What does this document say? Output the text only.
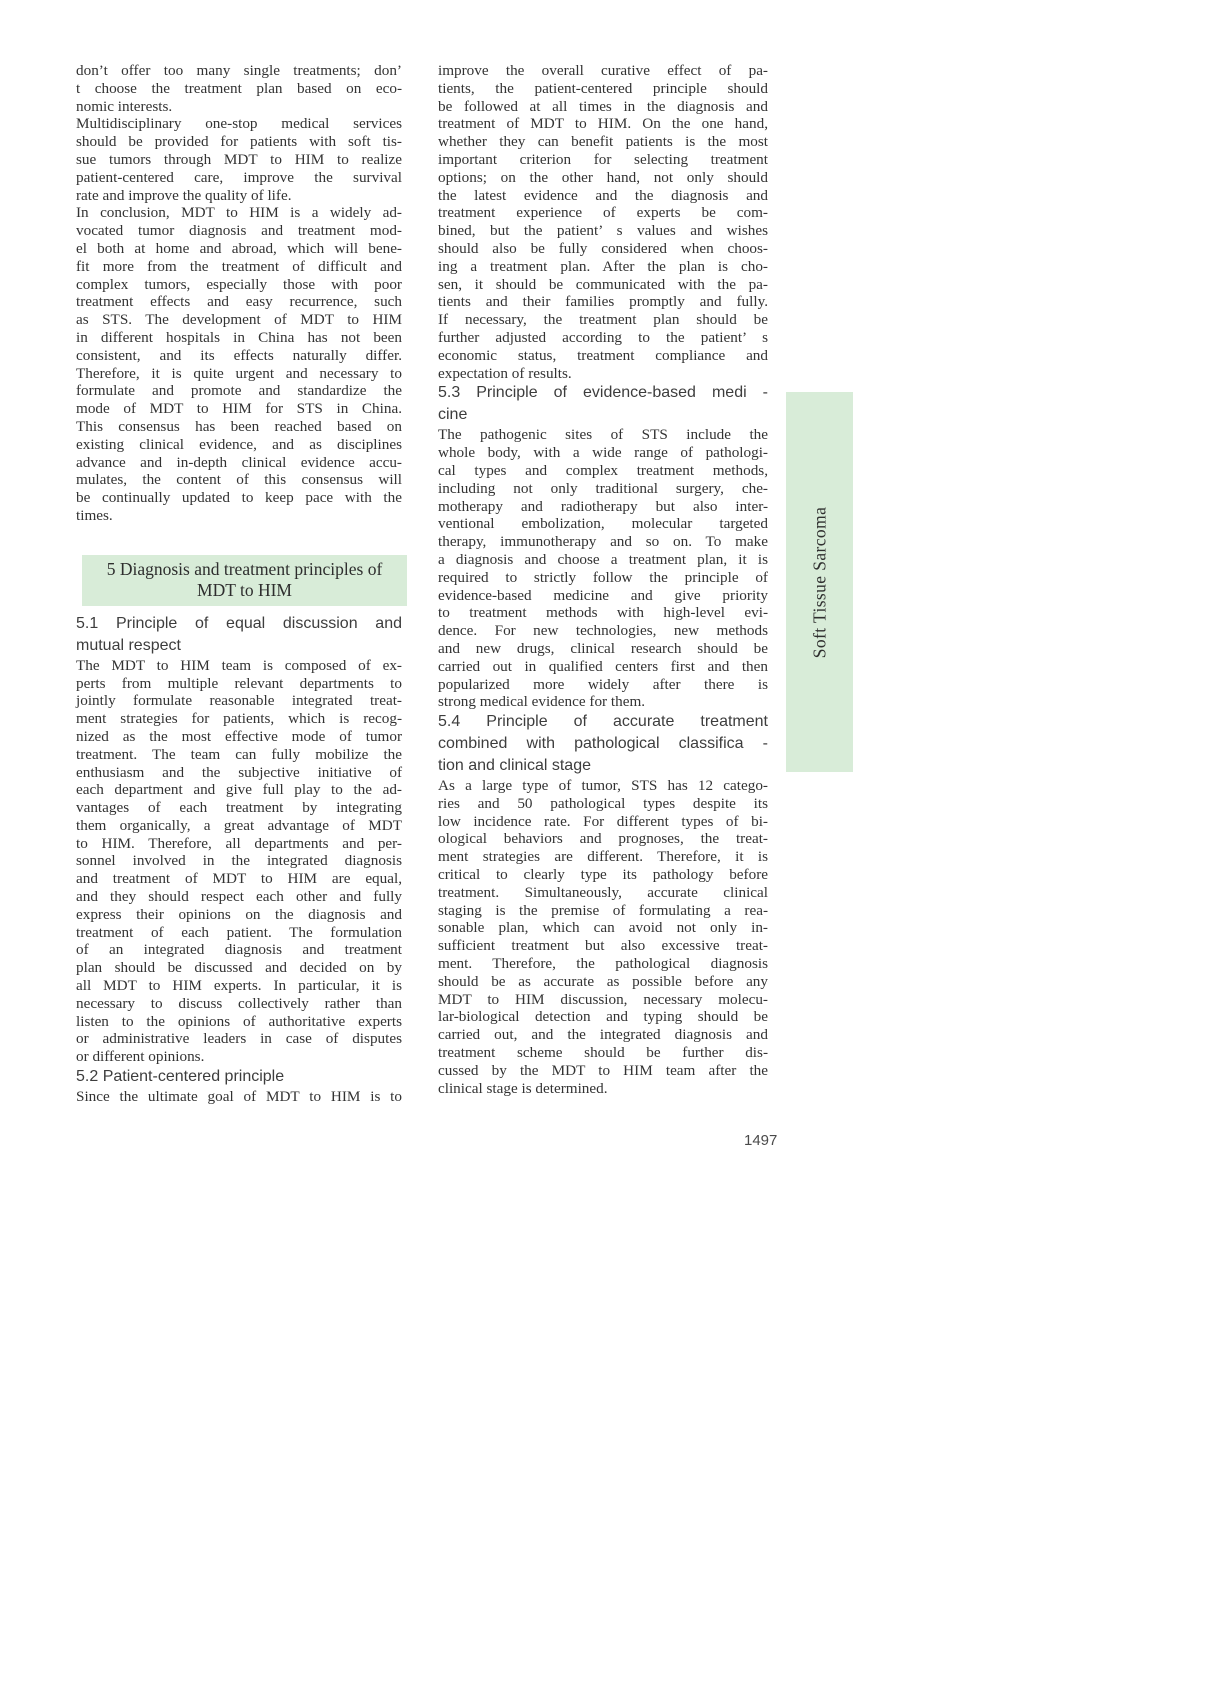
don’t offer too many single treatments; don’
t choose the treatment plan based on eco-
nomic interests.
Multidisciplinary one-stop medical services
should be provided for patients with soft tis-
sue tumors through MDT to HIM to realize
patient-centered care, improve the survival
rate and improve the quality of life.
In conclusion, MDT to HIM is a widely ad-
vocated tumor diagnosis and treatment mod-
el both at home and abroad, which will bene-
fit more from the treatment of difficult and
complex tumors, especially those with poor
treatment effects and easy recurrence, such
as STS. The development of MDT to HIM
in different hospitals in China has not been
consistent, and its effects naturally differ.
Therefore, it is quite urgent and necessary to
formulate and promote and standardize the
mode of MDT to HIM for STS in China.
This consensus has been reached based on
existing clinical evidence, and as disciplines
advance and in-depth clinical evidence accu-
mulates, the content of this consensus will
be continually updated to keep pace with the
times.
5 Diagnosis and treatment principles of
MDT to HIM
5.1 Principle of equal discussion and
mutual respect
The MDT to HIM team is composed of ex-
perts from multiple relevant departments to
jointly formulate reasonable integrated treat-
ment strategies for patients, which is recog-
nized as the most effective mode of tumor
treatment. The team can fully mobilize the
enthusiasm and the subjective initiative of
each department and give full play to the ad-
vantages of each treatment by integrating
them organically, a great advantage of MDT
to HIM. Therefore, all departments and per-
sonnel involved in the integrated diagnosis
and treatment of MDT to HIM are equal,
and they should respect each other and fully
express their opinions on the diagnosis and
treatment of each patient. The formulation
of an integrated diagnosis and treatment
plan should be discussed and decided on by
all MDT to HIM experts. In particular, it is
necessary to discuss collectively rather than
listen to the opinions of authoritative experts
or administrative leaders in case of disputes
or different opinions.
5.2 Patient-centered principle
Since the ultimate goal of MDT to HIM is to
improve the overall curative effect of pa-
tients, the patient-centered principle should
be followed at all times in the diagnosis and
treatment of MDT to HIM. On the one hand,
whether they can benefit patients is the most
important criterion for selecting treatment
options; on the other hand, not only should
the latest evidence and the diagnosis and
treatment experience of experts be com-
bined, but the patient’ s values and wishes
should also be fully considered when choos-
ing a treatment plan. After the plan is cho-
sen, it should be communicated with the pa-
tients and their families promptly and fully.
If necessary, the treatment plan should be
further adjusted according to the patient’ s
economic status, treatment compliance and
expectation of results.
5.3 Principle of evidence-based medi -
cine
The pathogenic sites of STS include the
whole body, with a wide range of pathologi-
cal types and complex treatment methods,
including not only traditional surgery, che-
motherapy and radiotherapy but also inter-
ventional embolization, molecular targeted
therapy, immunotherapy and so on. To make
a diagnosis and choose a treatment plan, it is
required to strictly follow the principle of
evidence-based medicine and give priority
to treatment methods with high-level evi-
dence. For new technologies, new methods
and new drugs, clinical research should be
carried out in qualified centers first and then
popularized more widely after there is
strong medical evidence for them.
5.4 Principle of accurate treatment
combined with pathological classifica -
tion and clinical stage
As a large type of tumor, STS has 12 catego-
ries and 50 pathological types despite its
low incidence rate. For different types of bi-
ological behaviors and prognoses, the treat-
ment strategies are different. Therefore, it is
critical to clearly type its pathology before
treatment. Simultaneously, accurate clinical
staging is the premise of formulating a rea-
sonable plan, which can avoid not only in-
sufficient treatment but also excessive treat-
ment. Therefore, the pathological diagnosis
should be as accurate as possible before any
MDT to HIM discussion, necessary molecu-
lar-biological detection and typing should be
carried out, and the integrated diagnosis and
treatment scheme should be further dis-
cussed by the MDT to HIM team after the
clinical stage is determined.
Soft Tissue Sarcoma
1497
